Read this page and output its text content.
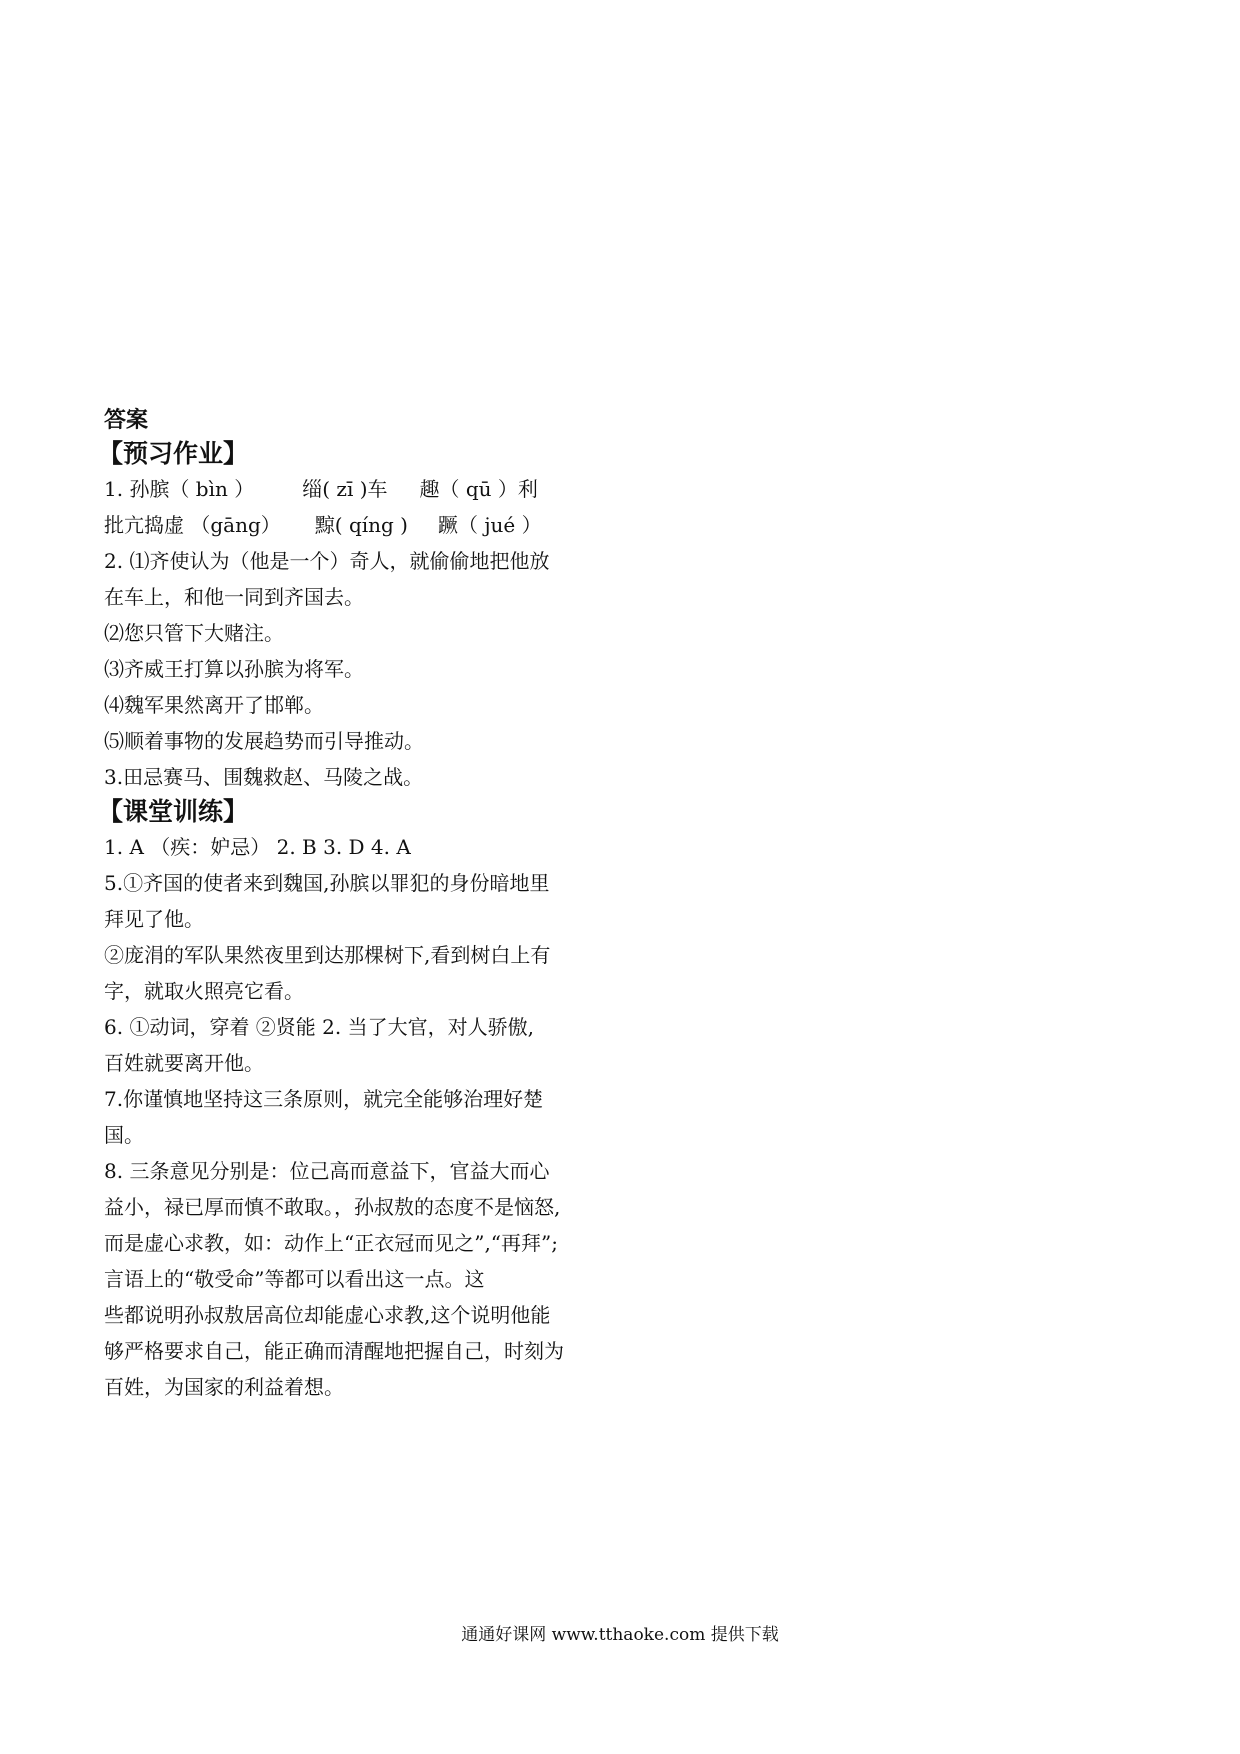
答案
【预习作业】
1. 孙膑（ bìn ） 缁( zī )车 趣（ qū ）利
批亢捣虚 （gāng） 黥( qíng ) 蹶（ jué ）
2. ⑴齐使认为（他是一个）奇人，就偷偷地把他放
在车上，和他一同到齐国去。
⑵您只管下大赌注。
⑶齐威王打算以孙膑为将军。
⑷魏军果然离开了邯郸。
⑸顺着事物的发展趋势而引导推动。
3.田忌赛马、围魏救赵、马陵之战。
【课堂训练】
1. A （疾：妒忌） 2. B 3. D 4. A
5.①齐国的使者来到魏国,孙膑以罪犯的身份暗地里
拜见了他。
②庞涓的军队果然夜里到达那棵树下,看到树白上有
字，就取火照亮它看。
6. ①动词，穿着 ②贤能 2. 当了大官，对人骄傲,
百姓就要离开他。
7.你谨慎地坚持这三条原则，就完全能够治理好楚
国。
8. 三条意见分别是：位己高而意益下，官益大而心
益小，禄已厚而慎不敢取。，孙叔敖的态度不是恼怒,
而是虚心求教，如：动作上“正衣冠而见之”,“再拜”;
言语上的“敬受命”等都可以看出这一点。这
些都说明孙叔敖居高位却能虚心求教,这个说明他能
够严格要求自己，能正确而清醒地把握自己，时刻为
百姓，为国家的利益着想。
通通好课网 www.tthaoke.com 提供下载
